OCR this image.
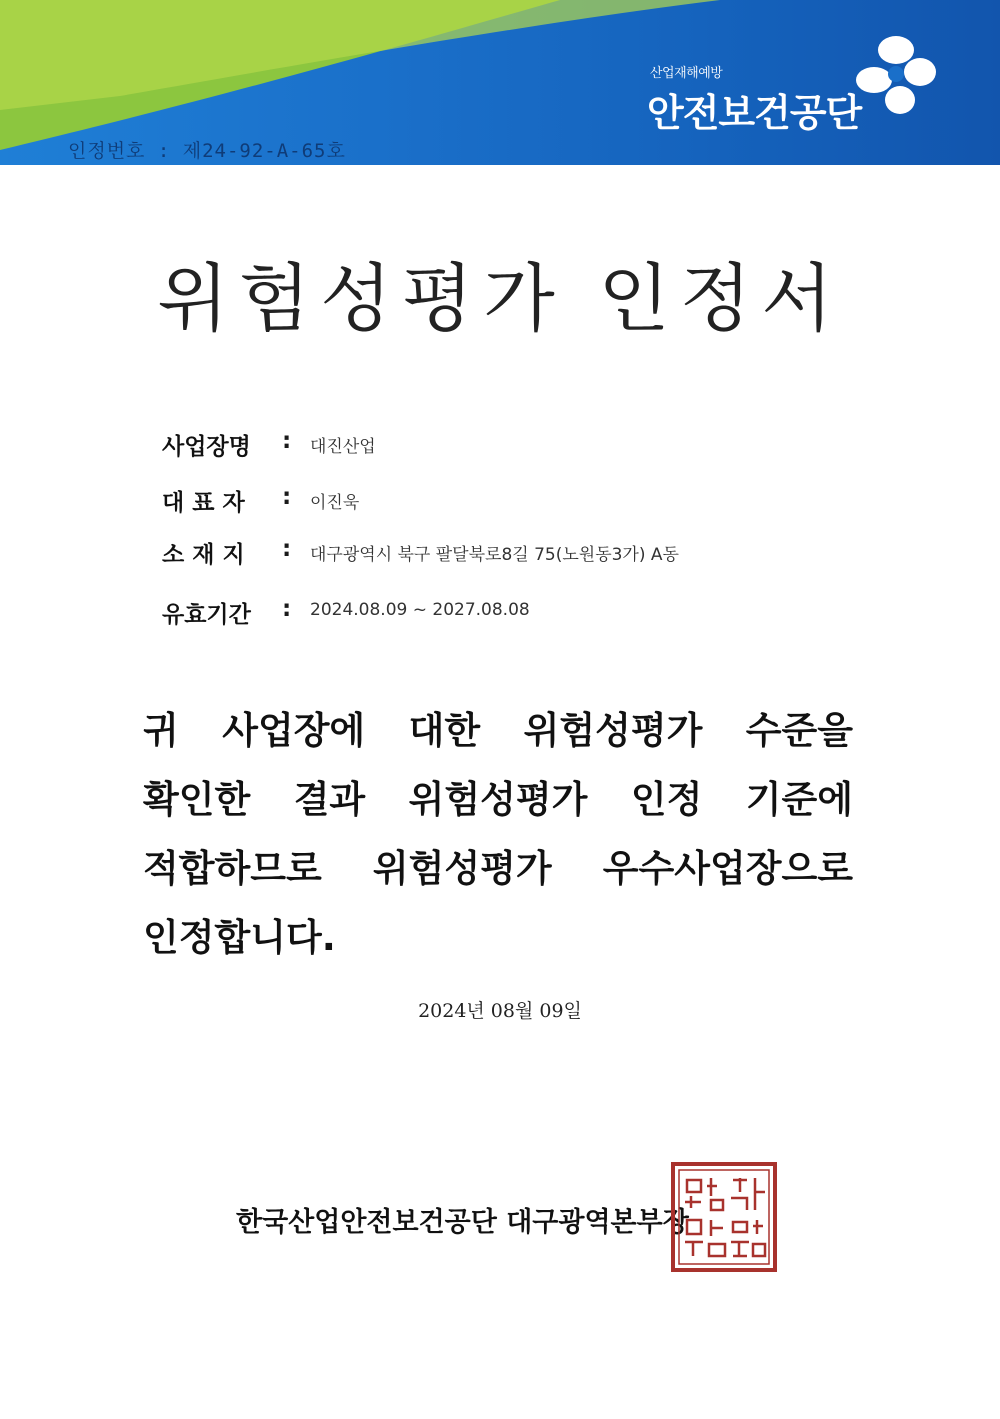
인정번호 : 제24-92-A-65호
산업재해예방
안전보건공단
위험성평가 인정서
사업장명	: 대진산업
대 표 자	: 이진욱
소 재 지	: 대구광역시 북구 팔달북로8길 75(노원동3가) A동
유효기간	: 2024.08.09 ~ 2027.08.08
귀 사업장에 대한 위험성평가 수준을
확인한 결과 위험성평가 인정 기준에
적합하므로 위험성평가 우수사업장으로
인정합니다.
2024년 08월 09일
한국산업안전보건공단 대구광역본부장
